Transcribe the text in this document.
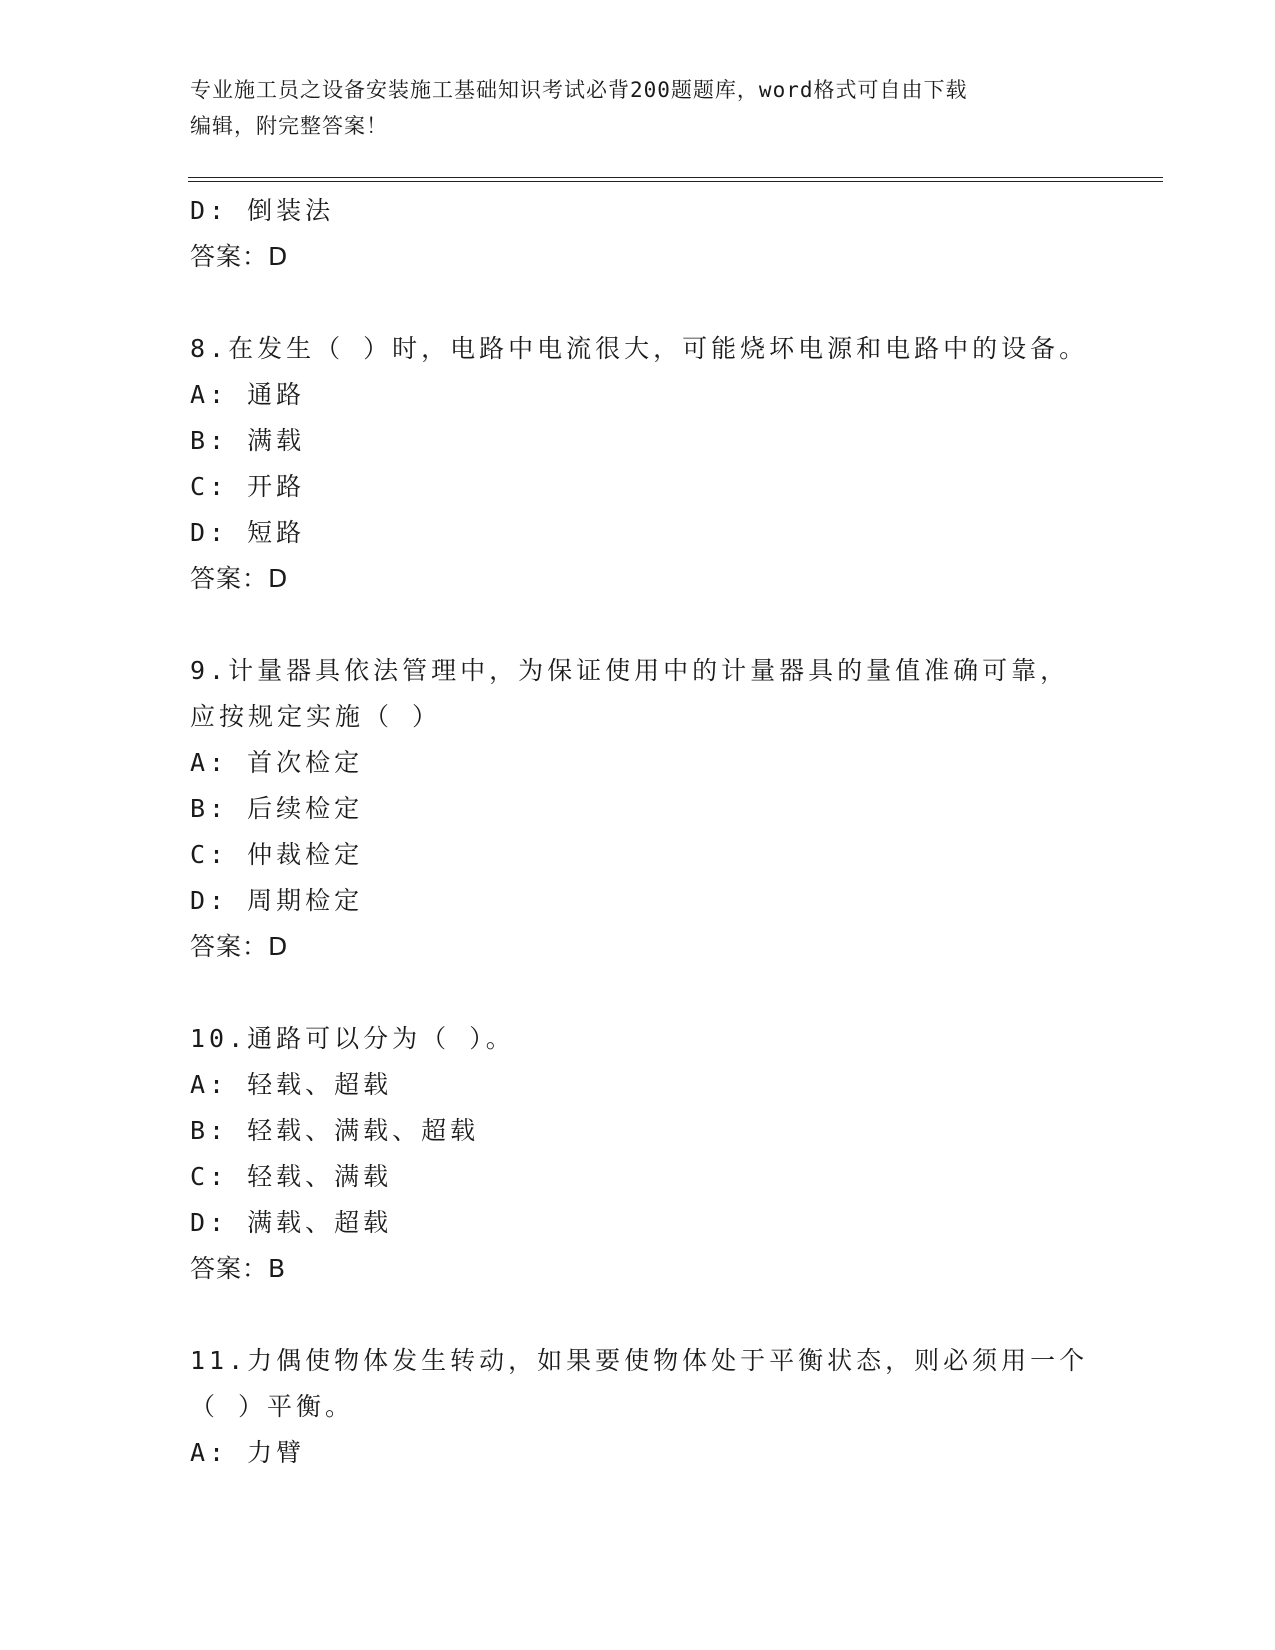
专业施工员之设备安装施工基础知识考试必背200题题库，word格式可自由下载
编辑，附完整答案！
D: 倒装法
答案：D
8.在发生（ ）时，电路中电流很大，可能烧坏电源和电路中的设备。
A: 通路
B: 满载
C: 开路
D: 短路
答案：D
9.计量器具依法管理中，为保证使用中的计量器具的量值准确可靠，
应按规定实施（ ）
A: 首次检定
B: 后续检定
C: 仲裁检定
D: 周期检定
答案：D
10.通路可以分为（ ）。
A: 轻载、超载
B: 轻载、满载、超载
C: 轻载、满载
D: 满载、超载
答案：B
11.力偶使物体发生转动，如果要使物体处于平衡状态，则必须用一个
（ ）平衡。
A: 力臂
